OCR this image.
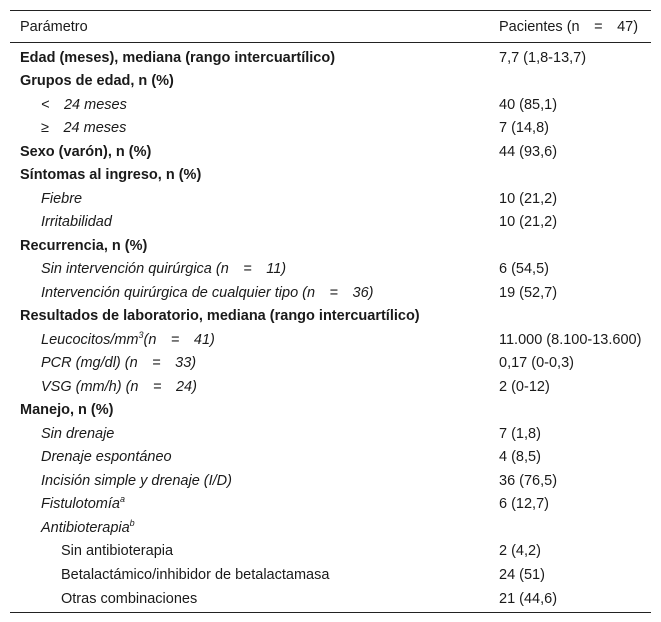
Parámetro	Pacientes (n  =  47)
Edad (meses), mediana (rango intercuartílico)	7,7 (1,8-13,7)
Grupos de edad, n (%)	
<  24 meses	40 (85,1)
≥  24 meses	7 (14,8)
Sexo (varón), n (%)	44 (93,6)
Síntomas al ingreso, n (%)	
Fiebre	10 (21,2)
Irritabilidad	10 (21,2)
Recurrencia, n (%)	
Sin intervención quirúrgica (n  =  11)	6 (54,5)
Intervención quirúrgica de cualquier tipo (n  =  36)	19 (52,7)
Resultados de laboratorio, mediana (rango intercuartílico)	
Leucocitos/$mm^3(n$  =  41)	11.000 (8.100-13.600)
PCR (mg/dl) (n  =  33)	0,17 (0-0,3)
VSG (mm/h) (n  =  24)	2 (0-12)
Manejo, n (%)	
Sin drenaje	7 (1,8)
Drenaje espontáneo	4 (8,5)
Incisión simple y drenaje (I/D)	36 (76,5)
Fistulotomía$^a$	6 (12,7)
Antibioterapia$^b$	
Sin antibioterapia	2 (4,2)
Betalactámico/inhibidor de betalactamasa	24 (51)
Otras combinaciones	21 (44,6)
